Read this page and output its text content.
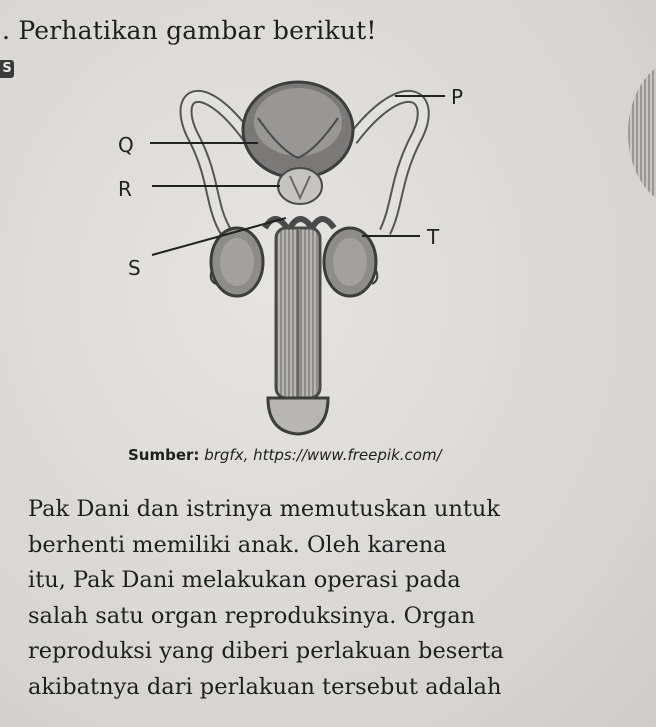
. Perhatikan gambar berikut!
S
P
Q
R
S
T
Sumber: brgfx, https://www.freepik.com/
Pak Dani dan istrinya memutuskan untuk
berhenti memiliki anak. Oleh karena
itu, Pak Dani melakukan operasi pada
salah satu organ reproduksinya. Organ
reproduksi yang diberi perlakuan beserta
akibatnya dari perlakuan tersebut adalah
